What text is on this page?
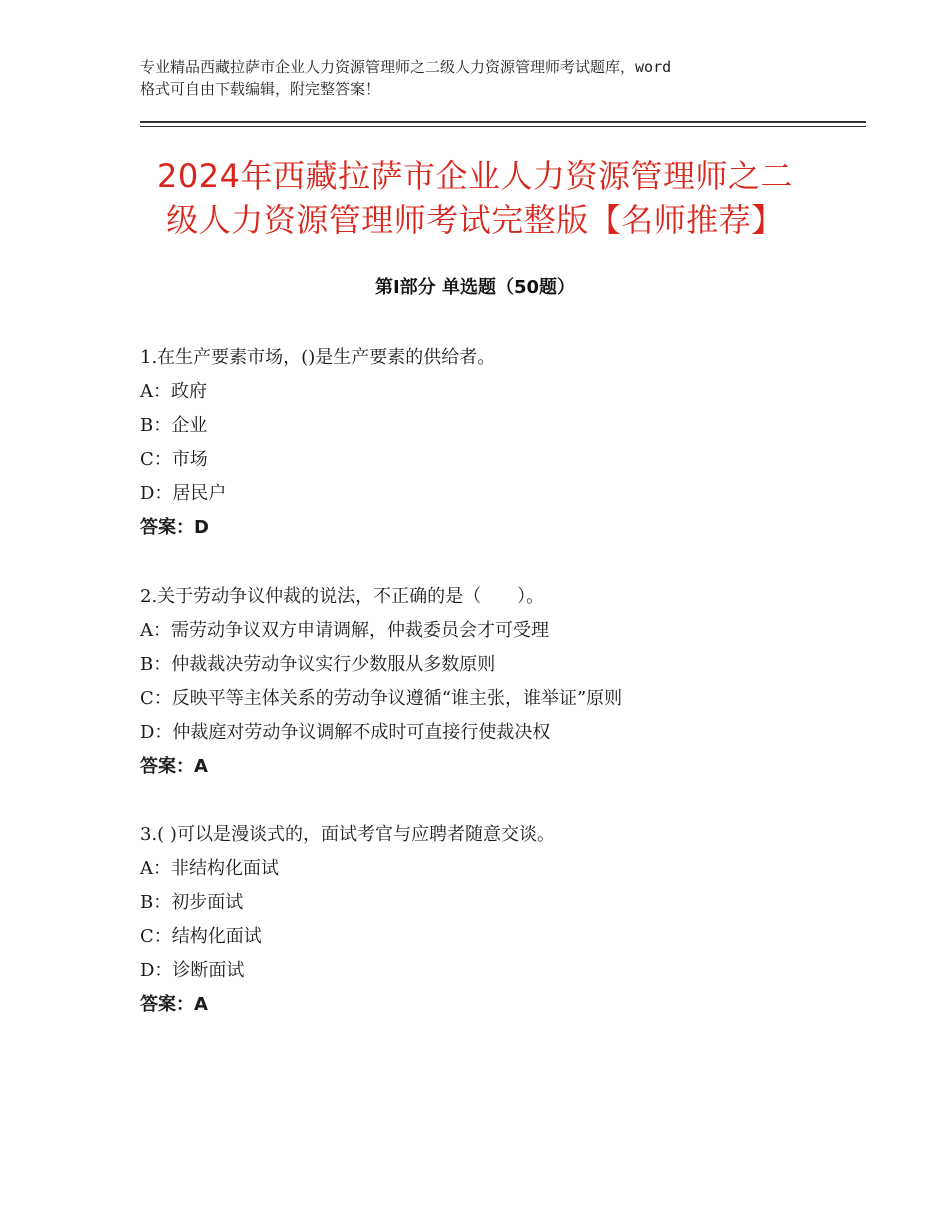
专业精品西藏拉萨市企业人力资源管理师之二级人力资源管理师考试题库，word
格式可自由下载编辑，附完整答案！
2024年西藏拉萨市企业人力资源管理师之二
级人力资源管理师考试完整版【名师推荐】
第Ⅰ部分 单选题（50题）
1.在生产要素市场，()是生产要素的供给者。
A：政府
B：企业
C：市场
D：居民户
答案：D
2.关于劳动争议仲裁的说法，不正确的是（　　）。
A：需劳动争议双方申请调解，仲裁委员会才可受理
B：仲裁裁决劳动争议实行少数服从多数原则
C：反映平等主体关系的劳动争议遵循“谁主张，谁举证”原则
D：仲裁庭对劳动争议调解不成时可直接行使裁决权
答案：A
3.( )可以是漫谈式的，面试考官与应聘者随意交谈。
A：非结构化面试
B：初步面试
C：结构化面试
D：诊断面试
答案：A
